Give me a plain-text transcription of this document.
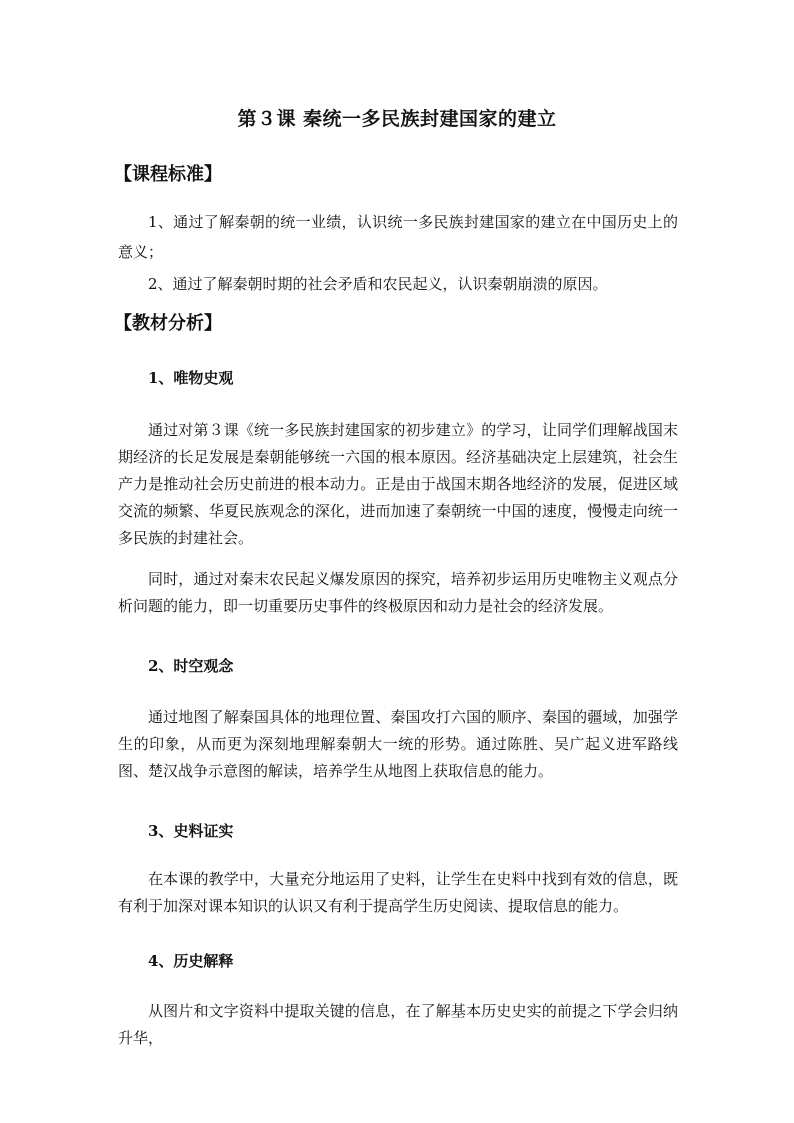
第３课 秦统一多民族封建国家的建立
【课程标准】

1、通过了解秦朝的统一业绩，认识统一多民族封建国家的建立在中国历史上的意义；

2、通过了解秦朝时期的社会矛盾和农民起义，认识秦朝崩溃的原因。

【教材分析】
1、唯物史观

通过对第３课《统一多民族封建国家的初步建立》的学习，让同学们理解战国末期经济的长足发展是秦朝能够统一六国的根本原因。经济基础决定上层建筑，社会生产力是推动社会历史前进的根本动力。正是由于战国末期各地经济的发展，促进区域交流的频繁、华夏民族观念的深化，进而加速了秦朝统一中国的速度，慢慢走向统一多民族的封建社会。

同时，通过对秦末农民起义爆发原因的探究，培养初步运用历史唯物主义观点分析问题的能力，即一切重要历史事件的终极原因和动力是社会的经济发展。

2、时空观念

通过地图了解秦国具体的地理位置、秦国攻打六国的顺序、秦国的疆域，加强学生的印象，从而更为深刻地理解秦朝大一统的形势。通过陈胜、吴广起义进军路线图、楚汉战争示意图的解读，培养学生从地图上获取信息的能力。

3、史料证实

在本课的教学中，大量充分地运用了史料，让学生在史料中找到有效的信息，既有利于加深对课本知识的认识又有利于提高学生历史阅读、提取信息的能力。

4、历史解释

从图片和文字资料中提取关键的信息，在了解基本历史史实的前提之下学会归纳升华，
